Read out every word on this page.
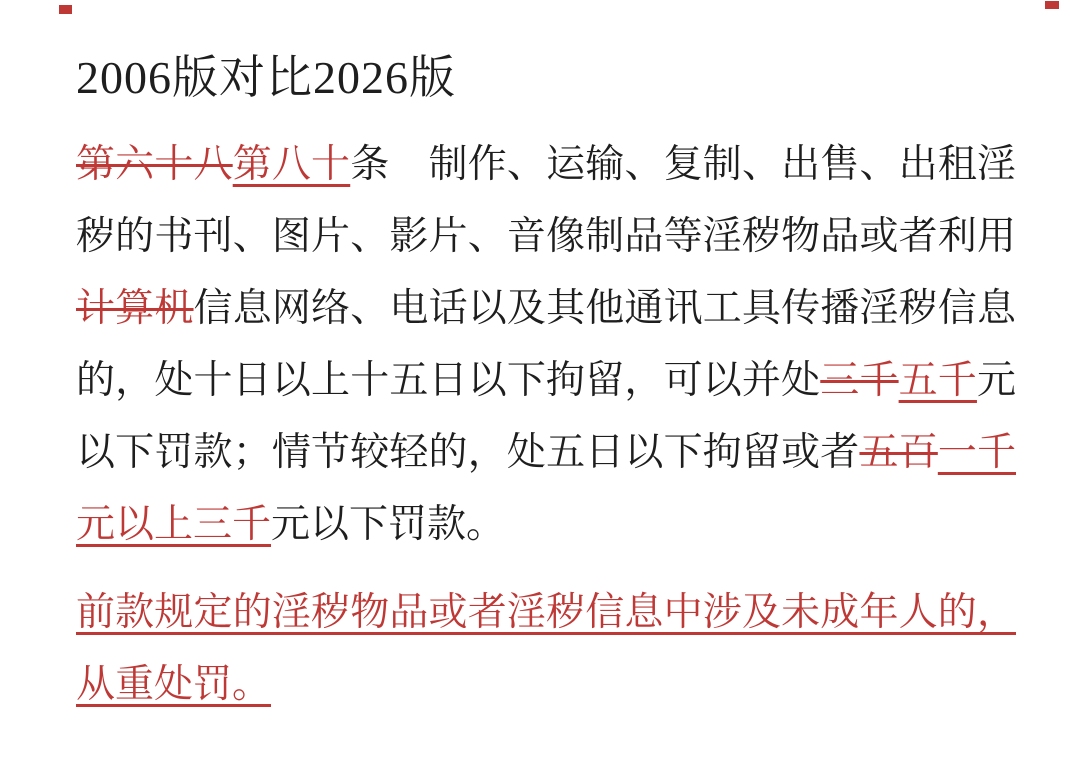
2006版对比2026版

第六十八第八十条　制作、运输、复制、出售、出租淫秽的书刊、图片、影片、音像制品等淫秽物品或者利用计算机信息网络、电话以及其他通讯工具传播淫秽信息的，处十日以上十五日以下拘留，可以并处三千五千元以下罚款；情节较轻的，处五日以下拘留或者五百一千元以上三千元以下罚款。

前款规定的淫秽物品或者淫秽信息中涉及未成年人的，从重处罚。
